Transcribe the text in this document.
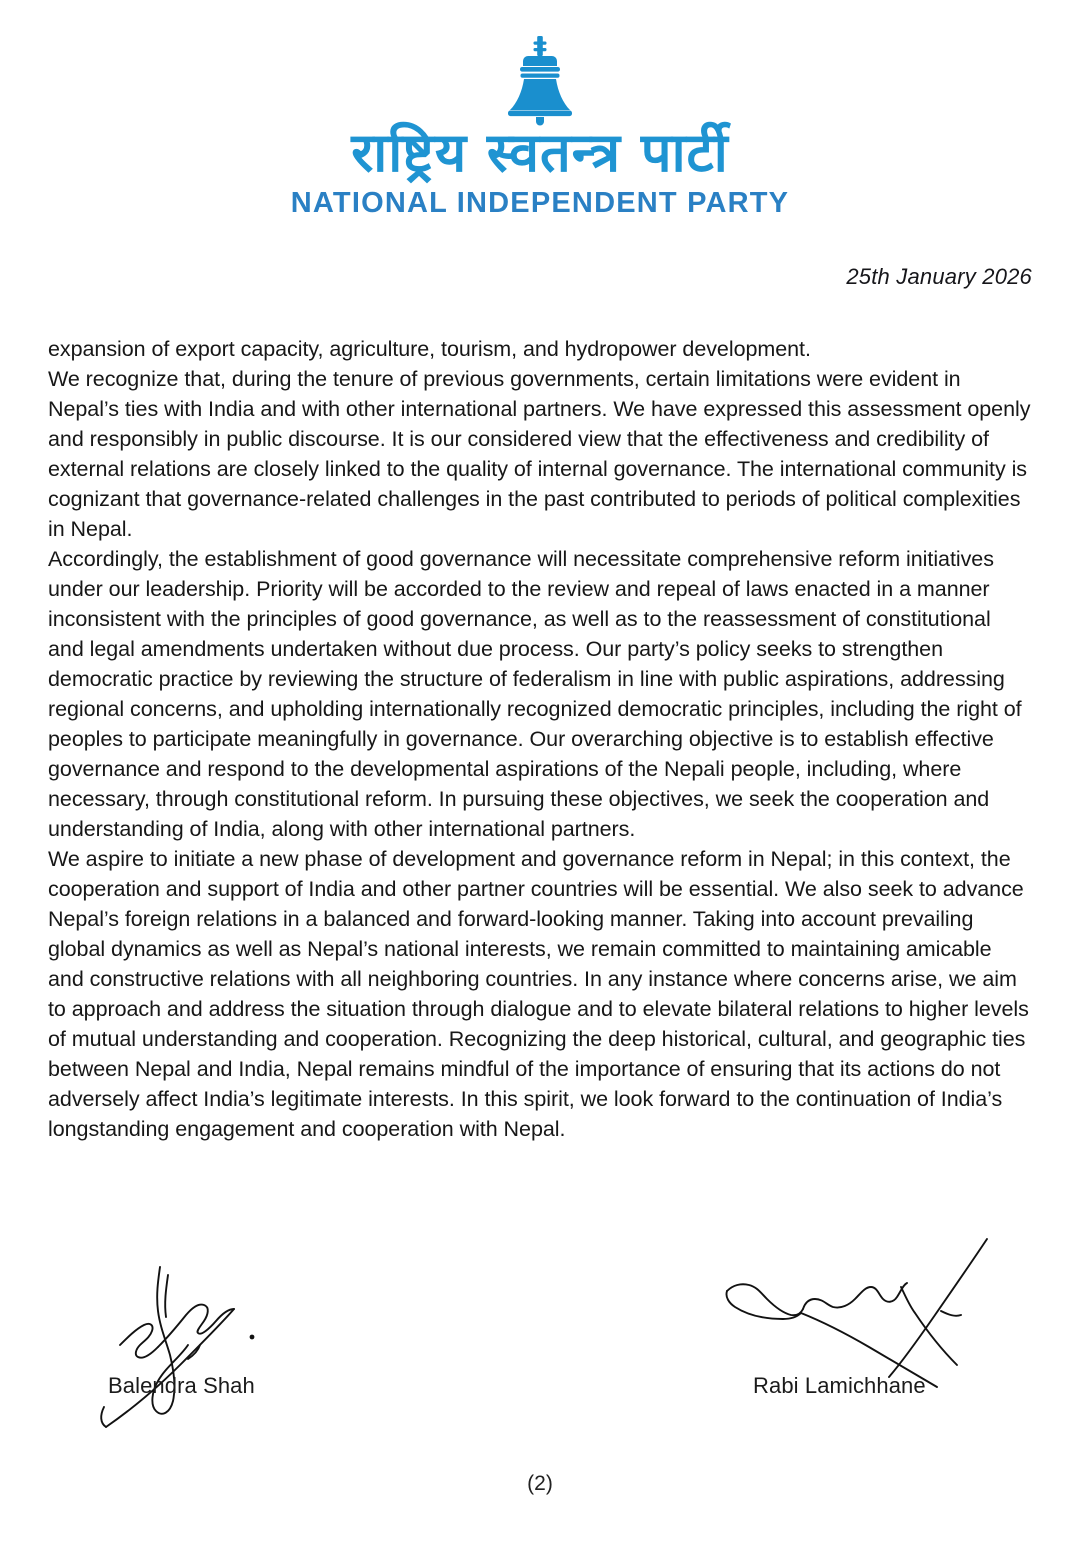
राष्ट्रिय स्वतन्त्र पार्टी
NATIONAL INDEPENDENT PARTY
25th January 2026

expansion of export capacity, agriculture, tourism, and hydropower development.

We recognize that, during the tenure of previous governments, certain limitations were evident in Nepal’s ties with India and with other international partners. We have expressed this assessment openly and responsibly in public discourse. It is our considered view that the effectiveness and credibility of external relations are closely linked to the quality of internal governance. The international community is cognizant that governance-related challenges in the past contributed to periods of political complexities in Nepal.

Accordingly, the establishment of good governance will necessitate comprehensive reform initiatives under our leadership. Priority will be accorded to the review and repeal of laws enacted in a manner inconsistent with the principles of good governance, as well as to the reassessment of constitutional and legal amendments undertaken without due process. Our party’s policy seeks to strengthen democratic practice by reviewing the structure of federalism in line with public aspirations, addressing regional concerns, and upholding internationally recognized democratic principles, including the right of peoples to participate meaningfully in governance. Our overarching objective is to establish effective governance and respond to the developmental aspirations of the Nepali people, including, where necessary, through constitutional reform. In pursuing these objectives, we seek the cooperation and understanding of India, along with other international partners.

We aspire to initiate a new phase of development and governance reform in Nepal; in this context, the cooperation and support of India and other partner countries will be essential. We also seek to advance Nepal’s foreign relations in a balanced and forward-looking manner. Taking into account prevailing global dynamics as well as Nepal’s national interests, we remain committed to maintaining amicable and constructive relations with all neighboring countries. In any instance where concerns arise, we aim to approach and address the situation through dialogue and to elevate bilateral relations to higher levels of mutual understanding and cooperation. Recognizing the deep historical, cultural, and geographic ties between Nepal and India, Nepal remains mindful of the importance of ensuring that its actions do not adversely affect India’s legitimate interests. In this spirit, we look forward to the continuation of India’s longstanding engagement and cooperation with Nepal.

Balendra Shah	Rabi Lamichhane
(2)
